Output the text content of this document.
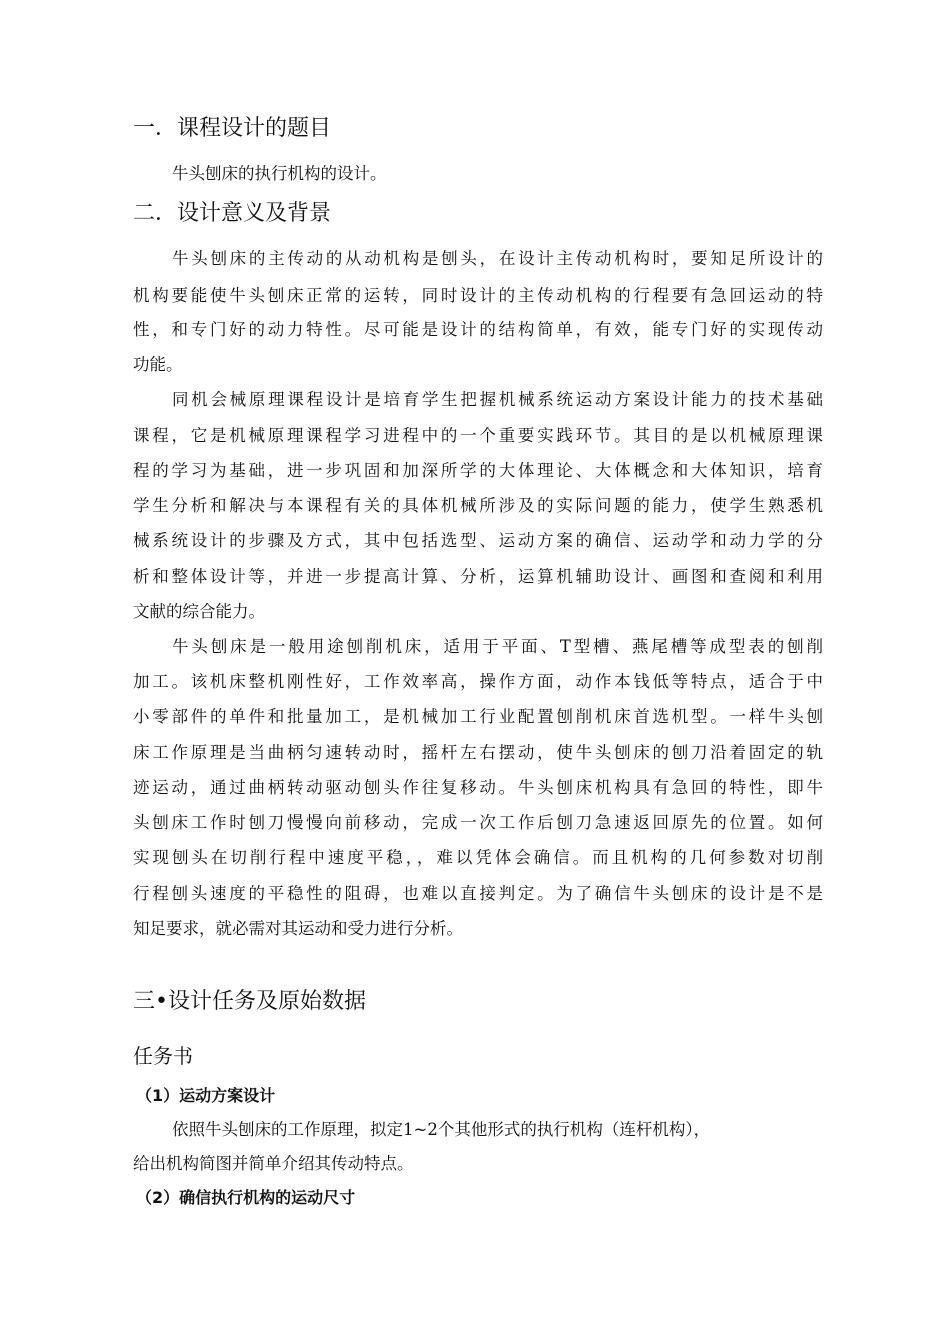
一．课程设计的题目
牛头刨床的执行机构的设计。
二．设计意义及背景
牛头刨床的主传动的从动机构是刨头，在设计主传动机构时，要知足所设计的
机构要能使牛头刨床正常的运转，同时设计的主传动机构的行程要有急回运动的特
性，和专门好的动力特性。尽可能是设计的结构简单，有效，能专门好的实现传动
功能。
同机会械原理课程设计是培育学生把握机械系统运动方案设计能力的技术基础
课程，它是机械原理课程学习进程中的一个重要实践环节。其目的是以机械原理课
程的学习为基础，进一步巩固和加深所学的大体理论、大体概念和大体知识，培育
学生分析和解决与本课程有关的具体机械所涉及的实际问题的能力，使学生熟悉机
械系统设计的步骤及方式，其中包括选型、运动方案的确信、运动学和动力学的分
析和整体设计等，并进一步提高计算、分析，运算机辅助设计、画图和查阅和利用
文献的综合能力。
牛头刨床是一般用途刨削机床，适用于平面、T型槽、燕尾槽等成型表的刨削
加工。该机床整机刚性好，工作效率高，操作方面，动作本钱低等特点，适合于中
小零部件的单件和批量加工，是机械加工行业配置刨削机床首选机型。一样牛头刨
床工作原理是当曲柄匀速转动时，摇杆左右摆动，使牛头刨床的刨刀沿着固定的轨
迹运动，通过曲柄转动驱动刨头作往复移动。牛头刨床机构具有急回的特性，即牛
头刨床工作时刨刀慢慢向前移动，完成一次工作后刨刀急速返回原先的位置。如何
实现刨头在切削行程中速度平稳，，难以凭体会确信。而且机构的几何参数对切削
行程刨头速度的平稳性的阻碍，也难以直接判定。为了确信牛头刨床的设计是不是
知足要求，就必需对其运动和受力进行分析。
三•设计任务及原始数据
任务书
（1）运动方案设计
依照牛头刨床的工作原理，拟定1~2个其他形式的执行机构（连杆机构），
给出机构简图并简单介绍其传动特点。
（2）确信执行机构的运动尺寸
